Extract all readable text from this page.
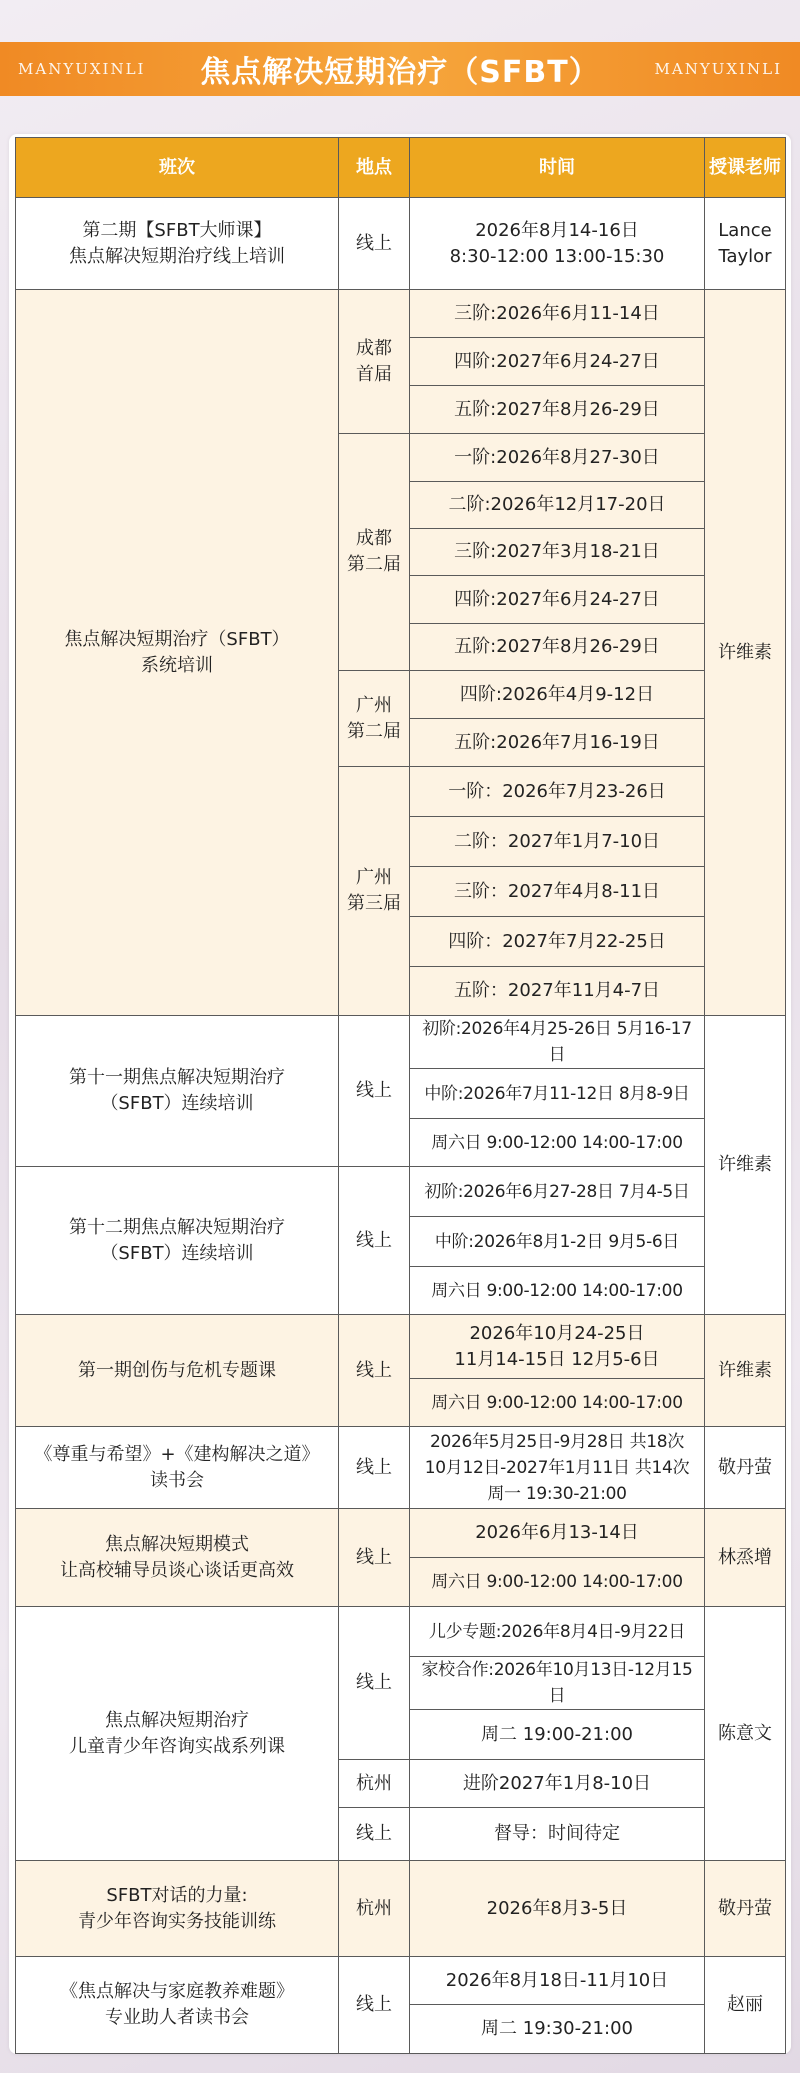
MANYUXINLI 焦点解决短期治疗（SFBT）	MANYUXINLI
班次	地点	时间	授课老师

第二期【SFBT大师课】
焦点解决短期治疗线上培训	线上	2026年8月14-16日
8:30-12:00 13:00-15:30	Lance
Taylor

焦点解决短期治疗（SFBT）
系统培训	成都
首届	三阶:2026年6月11-14日	许维素
		四阶:2027年6月24-27日	
		五阶:2027年8月26-29日	

	成都
第二届	一阶:2026年8月27-30日	
		二阶:2026年12月17-20日	
		三阶:2027年3月18-21日	
		四阶:2027年6月24-27日	
		五阶:2027年8月26-29日	

	广州
第二届	四阶:2026年4月9-12日	
		五阶:2026年7月16-19日	

	广州
第三届	一阶：2026年7月23-26日	
		二阶：2027年1月7-10日	
		三阶：2027年4月8-11日	
		四阶：2027年7月22-25日	
		五阶：2027年11月4-7日	

第十一期焦点解决短期治疗
（SFBT）连续培训	线上	初阶:2026年4月25-26日 5月16-17日	许维素
		中阶:2026年7月11-12日 8月8-9日	
		周六日 9:00-12:00 14:00-17:00	

第十二期焦点解决短期治疗
（SFBT）连续培训	线上	初阶:2026年6月27-28日 7月4-5日	
		中阶:2026年8月1-2日 9月5-6日	
		周六日 9:00-12:00 14:00-17:00	
第一期创伤与危机专题课	线上	2026年10月24-25日
11月14-15日 12月5-6日	许维素
		周六日 9:00-12:00 14:00-17:00	

《尊重与希望》+《建构解决之道》
读书会	线上	2026年5月25日-9月28日 共18次
10月12日-2027年1月11日 共14次
周一 19:30-21:00	敬丹萤

焦点解决短期模式
让高校辅导员谈心谈话更高效	线上	2026年6月13-14日	林烝增
		周六日 9:00-12:00 14:00-17:00	

焦点解决短期治疗
儿童青少年咨询实战系列课	线上	儿少专题:2026年8月4日-9月22日	陈意文
		家校合作:2026年10月13日-12月15日	
		周二 19:00-21:00	
	杭州	进阶2027年1月8-10日	
	线上	督导：时间待定	

SFBT对话的力量:
青少年咨询实务技能训练	杭州	2026年8月3-5日	敬丹萤

《焦点解决与家庭教养难题》
专业助人者读书会	线上	2026年8月18日-11月10日	赵丽
		周二 19:30-21:00	
